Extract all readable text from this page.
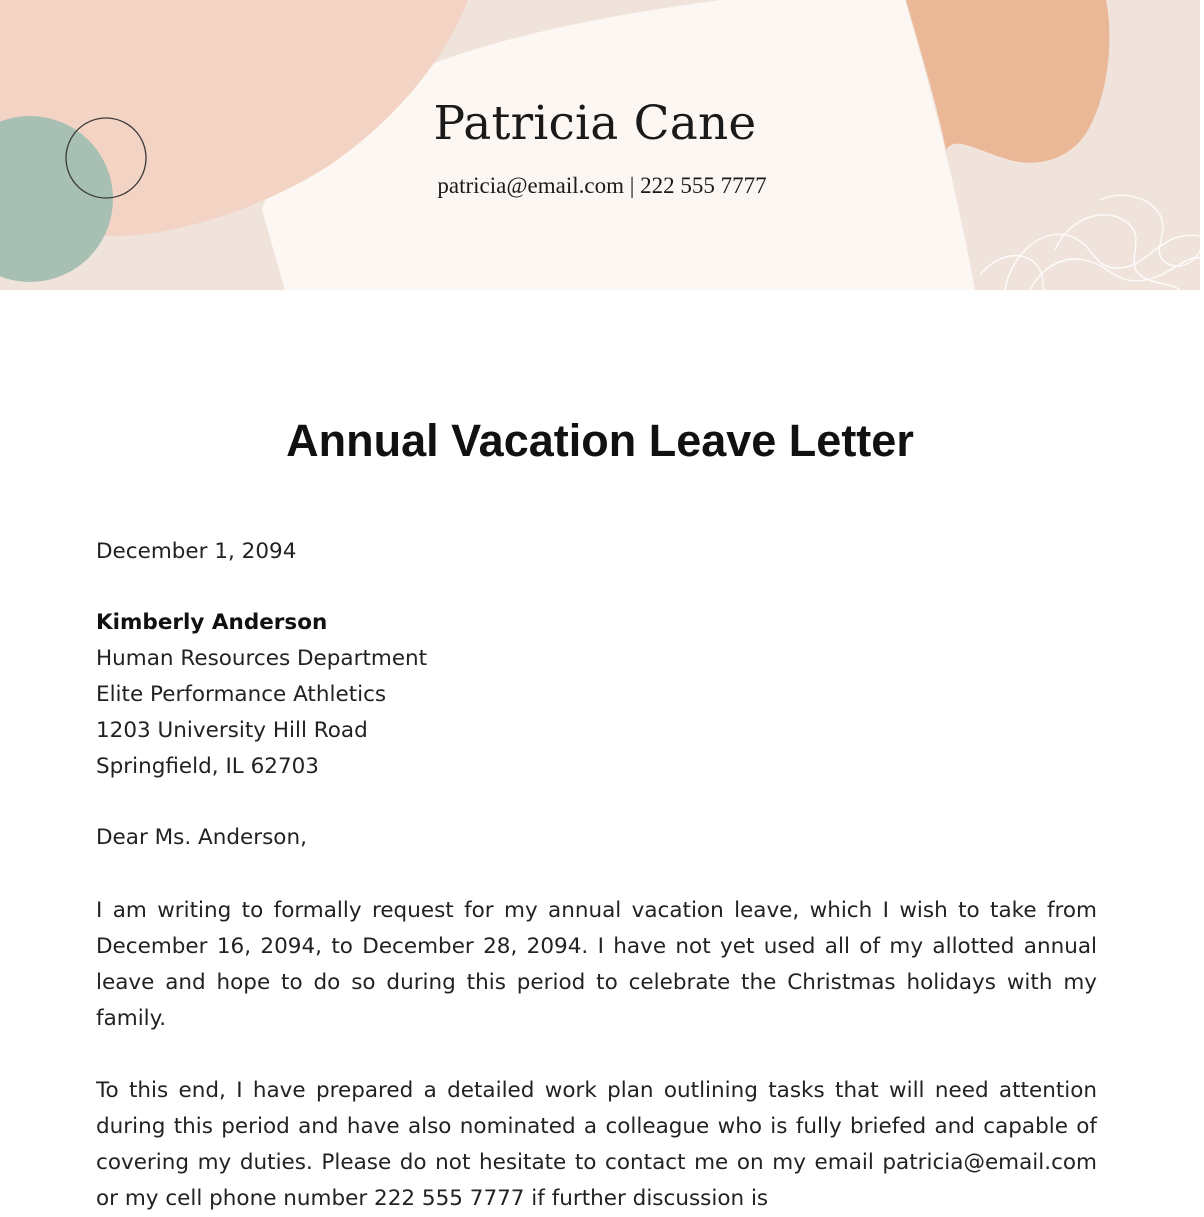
Patricia Cane
patricia@email.com | 222 555 7777
Annual Vacation Leave Letter
December 1, 2094
Kimberly Anderson
Human Resources Department
Elite Performance Athletics
1203 University Hill Road
Springfield, IL 62703
Dear Ms. Anderson,

I am writing to formally request for my annual vacation leave, which I wish to take from December 16, 2094, to December 28, 2094. I have not yet used all of my allotted annual leave and hope to do so during this period to celebrate the Christmas holidays with my family.

To this end, I have prepared a detailed work plan outlining tasks that will need attention during this period and have also nominated a colleague who is fully briefed and capable of covering my duties. Please do not hesitate to contact me on my email patricia@email.com or my cell phone number 222 555 7777 if further discussion is
